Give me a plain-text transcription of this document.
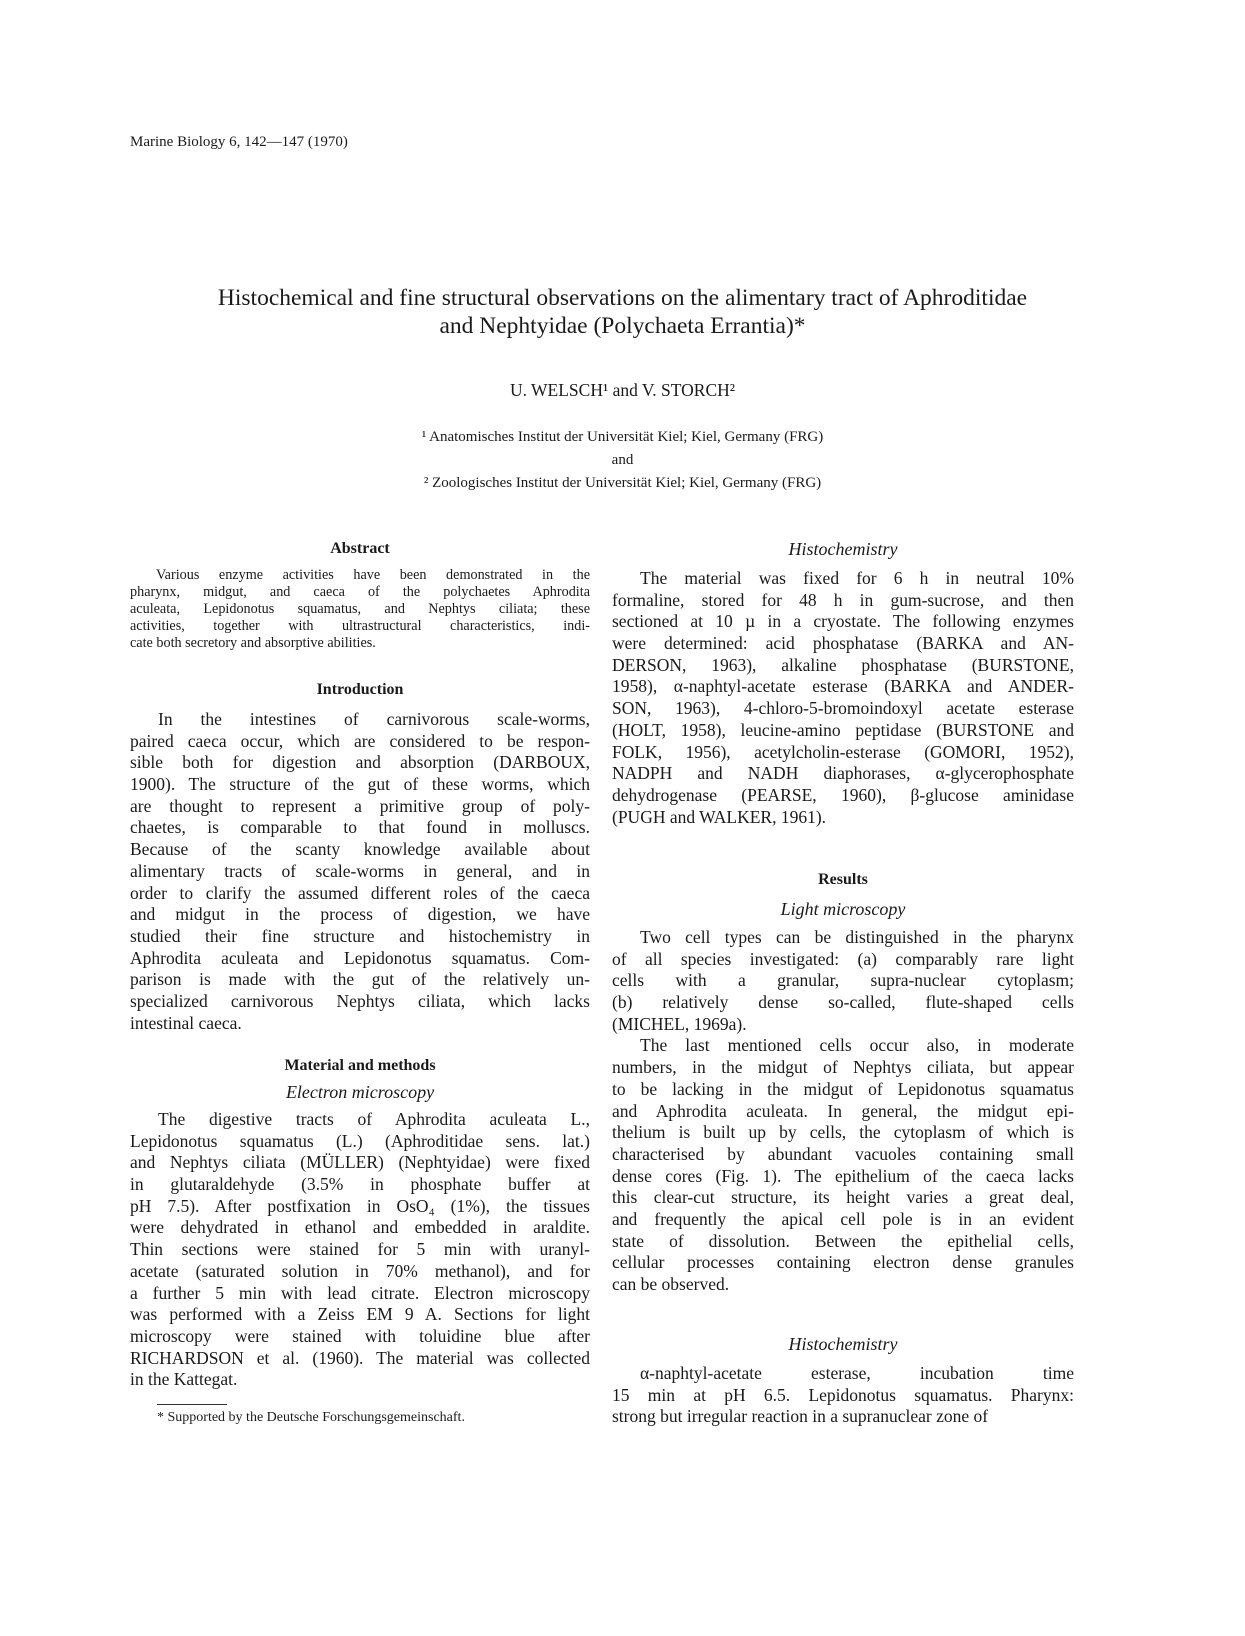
Marine Biology 6, 142—147 (1970)
Histochemical and fine structural observations on the alimentary tract of Aphroditidae
and Nephtyidae (Polychaeta Errantia)*
U. WELSCH¹ and V. STORCH²
¹ Anatomisches Institut der Universität Kiel; Kiel, Germany (FRG)
and
² Zoologisches Institut der Universität Kiel; Kiel, Germany (FRG)
Abstract
Various enzyme activities have been demonstrated in the
pharynx, midgut, and caeca of the polychaetes Aphrodita
aculeata, Lepidonotus squamatus, and Nephtys ciliata; these
activities, together with ultrastructural characteristics, indi-
cate both secretory and absorptive abilities.
Introduction
In the intestines of carnivorous scale-worms,
paired caeca occur, which are considered to be respon-
sible both for digestion and absorption (DARBOUX,
1900). The structure of the gut of these worms, which
are thought to represent a primitive group of poly-
chaetes, is comparable to that found in molluscs.
Because of the scanty knowledge available about
alimentary tracts of scale-worms in general, and in
order to clarify the assumed different roles of the caeca
and midgut in the process of digestion, we have
studied their fine structure and histochemistry in
Aphrodita aculeata and Lepidonotus squamatus. Com-
parison is made with the gut of the relatively un-
specialized carnivorous Nephtys ciliata, which lacks
intestinal caeca.
Material and methods
Electron microscopy
The digestive tracts of Aphrodita aculeata L.,
Lepidonotus squamatus (L.) (Aphroditidae sens. lat.)
and Nephtys ciliata (MÜLLER) (Nephtyidae) were fixed
in glutaraldehyde (3.5% in phosphate buffer at
pH 7.5). After postfixation in OsO₄ (1%), the tissues
were dehydrated in ethanol and embedded in araldite.
Thin sections were stained for 5 min with uranyl-
acetate (saturated solution in 70% methanol), and for
a further 5 min with lead citrate. Electron microscopy
was performed with a Zeiss EM 9 A. Sections for light
microscopy were stained with toluidine blue after
RICHARDSON et al. (1960). The material was collected
in the Kattegat.
* Supported by the Deutsche Forschungsgemeinschaft.
Histochemistry
The material was fixed for 6 h in neutral 10%
formaline, stored for 48 h in gum-sucrose, and then
sectioned at 10 µ in a cryostate. The following enzymes
were determined: acid phosphatase (BARKA and AN-
DERSON, 1963), alkaline phosphatase (BURSTONE,
1958), α-naphtyl-acetate esterase (BARKA and ANDER-
SON, 1963), 4-chloro-5-bromoindoxyl acetate esterase
(HOLT, 1958), leucine-amino peptidase (BURSTONE and
FOLK, 1956), acetylcholin-esterase (GOMORI, 1952),
NADPH and NADH diaphorases, α-glycerophosphate
dehydrogenase (PEARSE, 1960), β-glucose aminidase
(PUGH and WALKER, 1961).
Results
Light microscopy
Two cell types can be distinguished in the pharynx
of all species investigated: (a) comparably rare light
cells with a granular, supra-nuclear cytoplasm;
(b) relatively dense so-called, flute-shaped cells
(MICHEL, 1969a).
The last mentioned cells occur also, in moderate
numbers, in the midgut of Nephtys ciliata, but appear
to be lacking in the midgut of Lepidonotus squamatus
and Aphrodita aculeata. In general, the midgut epi-
thelium is built up by cells, the cytoplasm of which is
characterised by abundant vacuoles containing small
dense cores (Fig. 1). The epithelium of the caeca lacks
this clear-cut structure, its height varies a great deal,
and frequently the apical cell pole is in an evident
state of dissolution. Between the epithelial cells,
cellular processes containing electron dense granules
can be observed.
Histochemistry
α-naphtyl-acetate esterase, incubation time
15 min at pH 6.5. Lepidonotus squamatus. Pharynx:
strong but irregular reaction in a supranuclear zone of
